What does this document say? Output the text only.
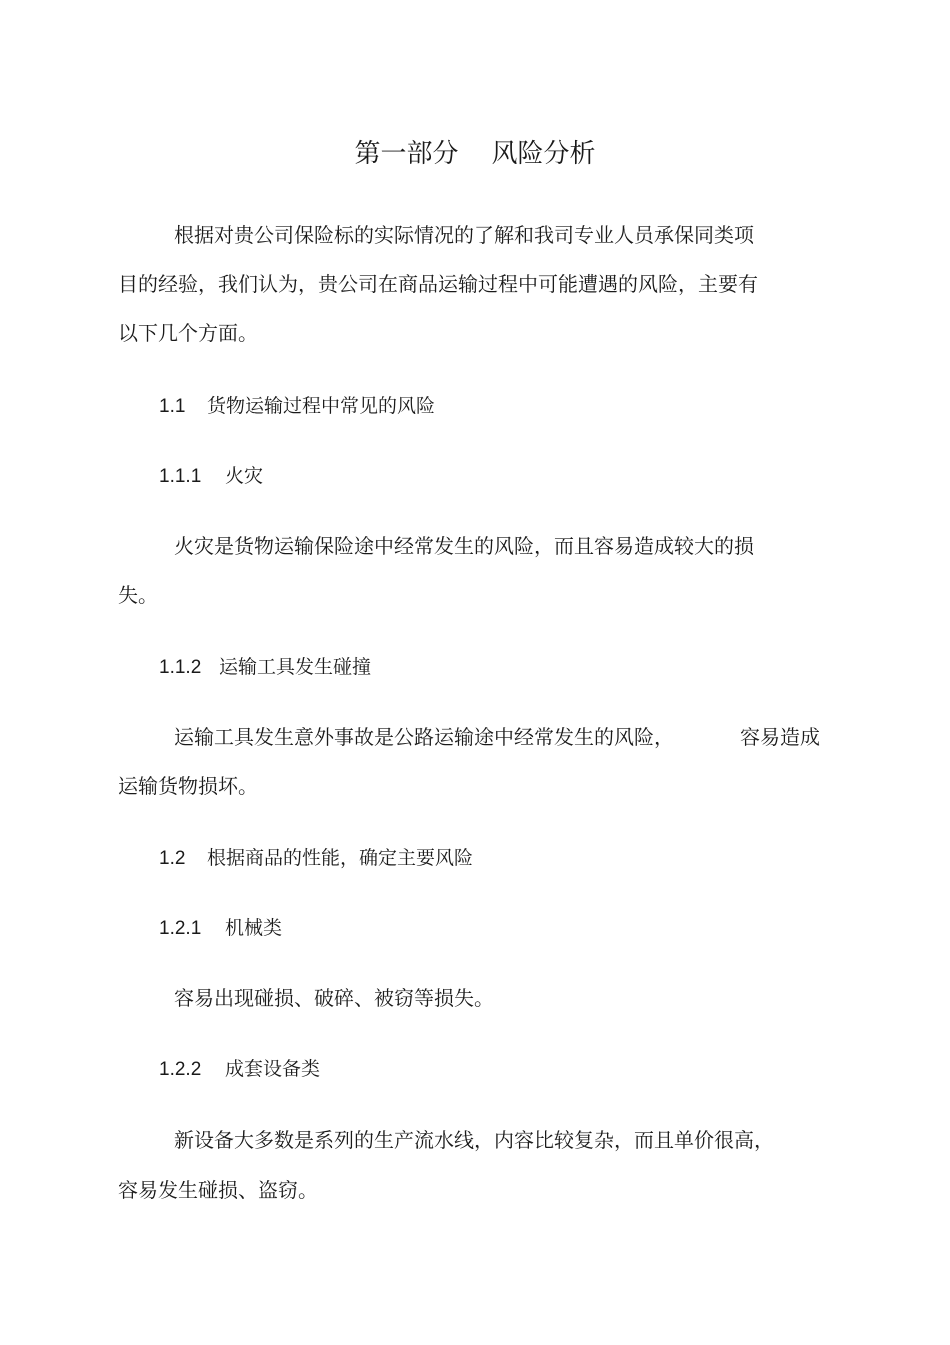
第一部分    风险分析
根据对贵公司保险标的实际情况的了解和我司专业人员承保同类项
目的经验，我们认为，贵公司在商品运输过程中可能遭遇的风险，主要有
以下几个方面。
1.1 货物运输过程中常见的风险
1.1.1 火灾
火灾是货物运输保险途中经常发生的风险，而且容易造成较大的损
失。
1.1.2 运输工具发生碰撞
运输工具发生意外事故是公路运输途中经常发生的风险，	容易造成
运输货物损坏。
1.2 根据商品的性能，确定主要风险
1.2.1 机械类
容易出现碰损、破碎、被窃等损失。
1.2.2 成套设备类
新设备大多数是系列的生产流水线，内容比较复杂，而且单价很高，
容易发生碰损、盗窃。
